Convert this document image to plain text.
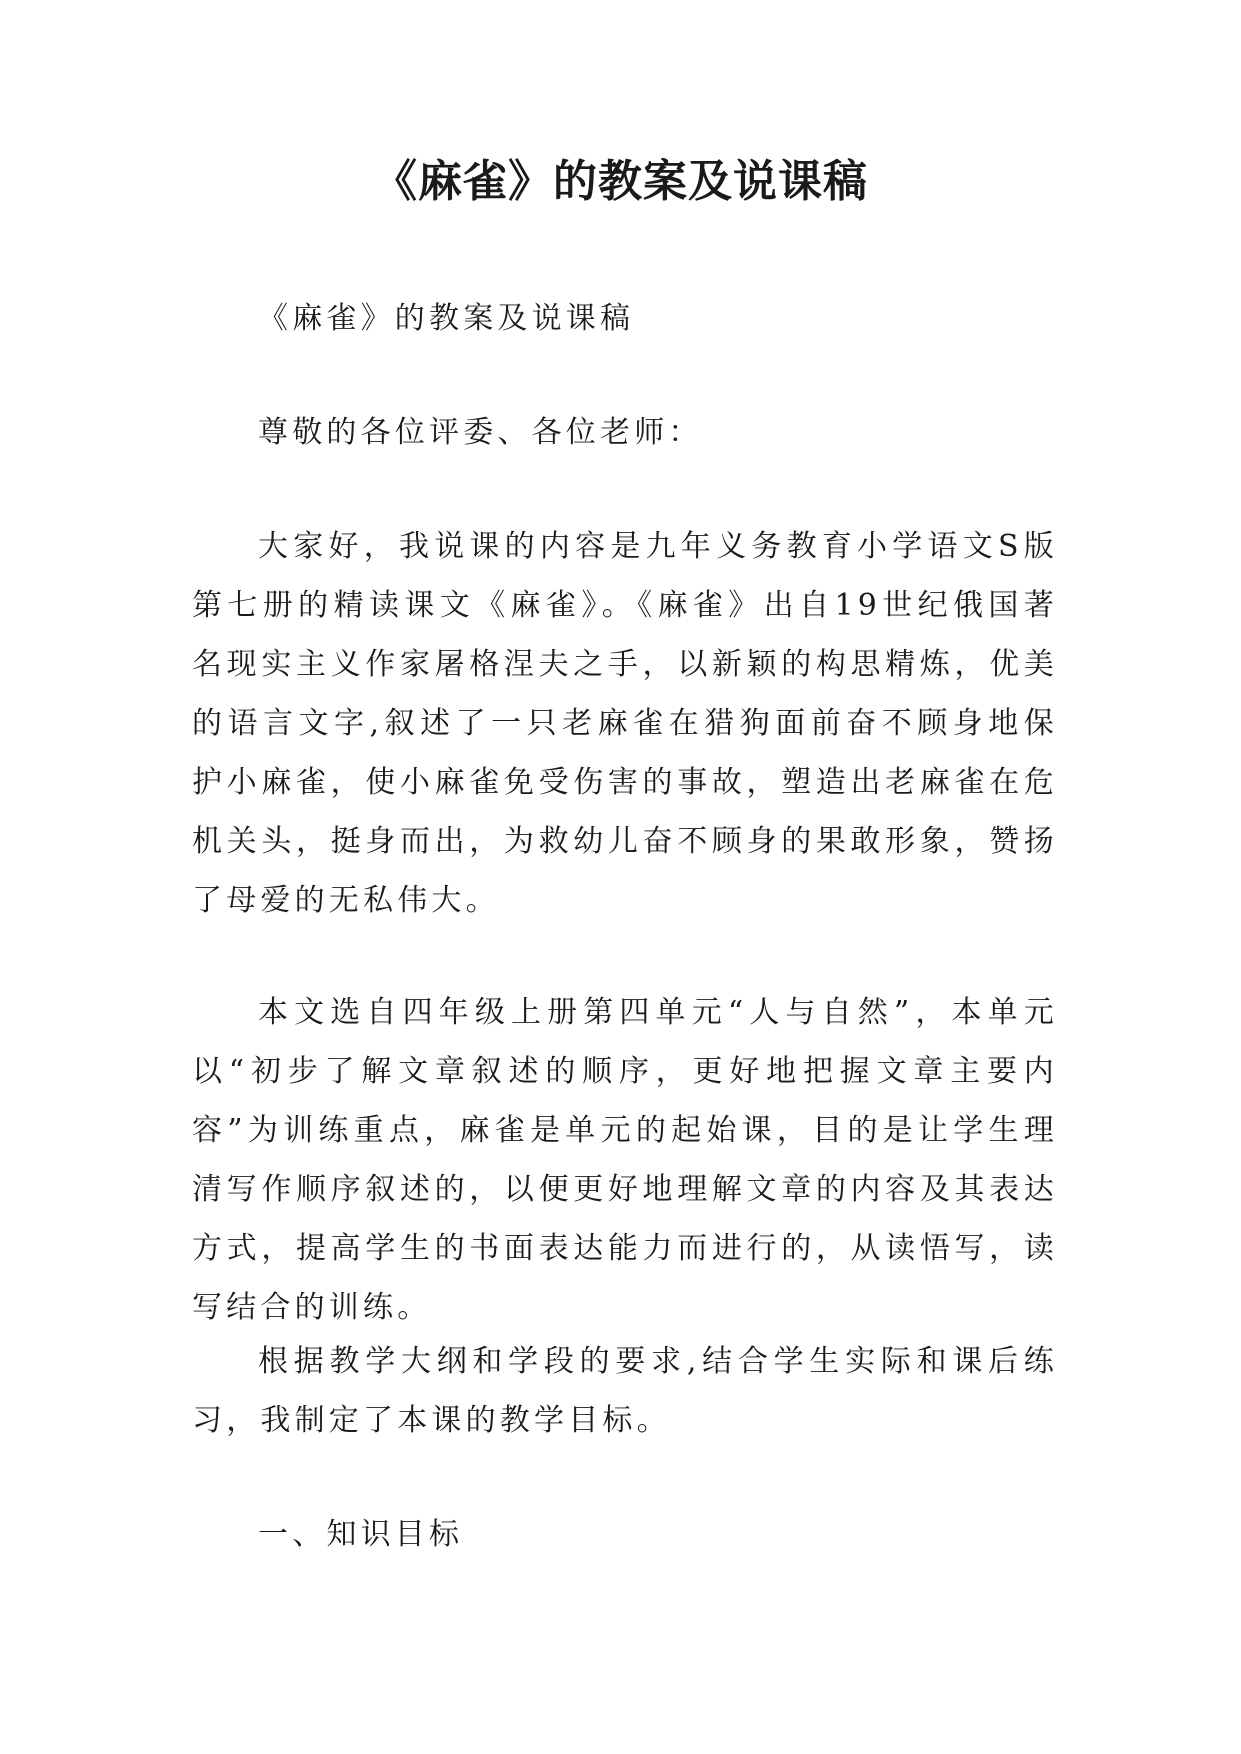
《麻雀》的教案及说课稿

《麻雀》的教案及说课稿

尊敬的各位评委、各位老师：

大家好，我说课的内容是九年义务教育小学语文S版第七册的精读课文《麻雀》。《麻雀》出自19世纪俄国著名现实主义作家屠格涅夫之手，以新颖的构思精炼，优美的语言文字,叙述了一只老麻雀在猎狗面前奋不顾身地保护小麻雀，使小麻雀免受伤害的事故，塑造出老麻雀在危机关头，挺身而出，为救幼儿奋不顾身的果敢形象，赞扬了母爱的无私伟大。

本文选自四年级上册第四单元“人与自然”，本单元以“初步了解文章叙述的顺序，更好地把握文章主要内容”为训练重点，麻雀是单元的起始课，目的是让学生理清写作顺序叙述的，以便更好地理解文章的内容及其表达方式，提高学生的书面表达能力而进行的，从读悟写，读写结合的训练。

根据教学大纲和学段的要求,结合学生实际和课后练习，我制定了本课的教学目标。

一、知识目标
